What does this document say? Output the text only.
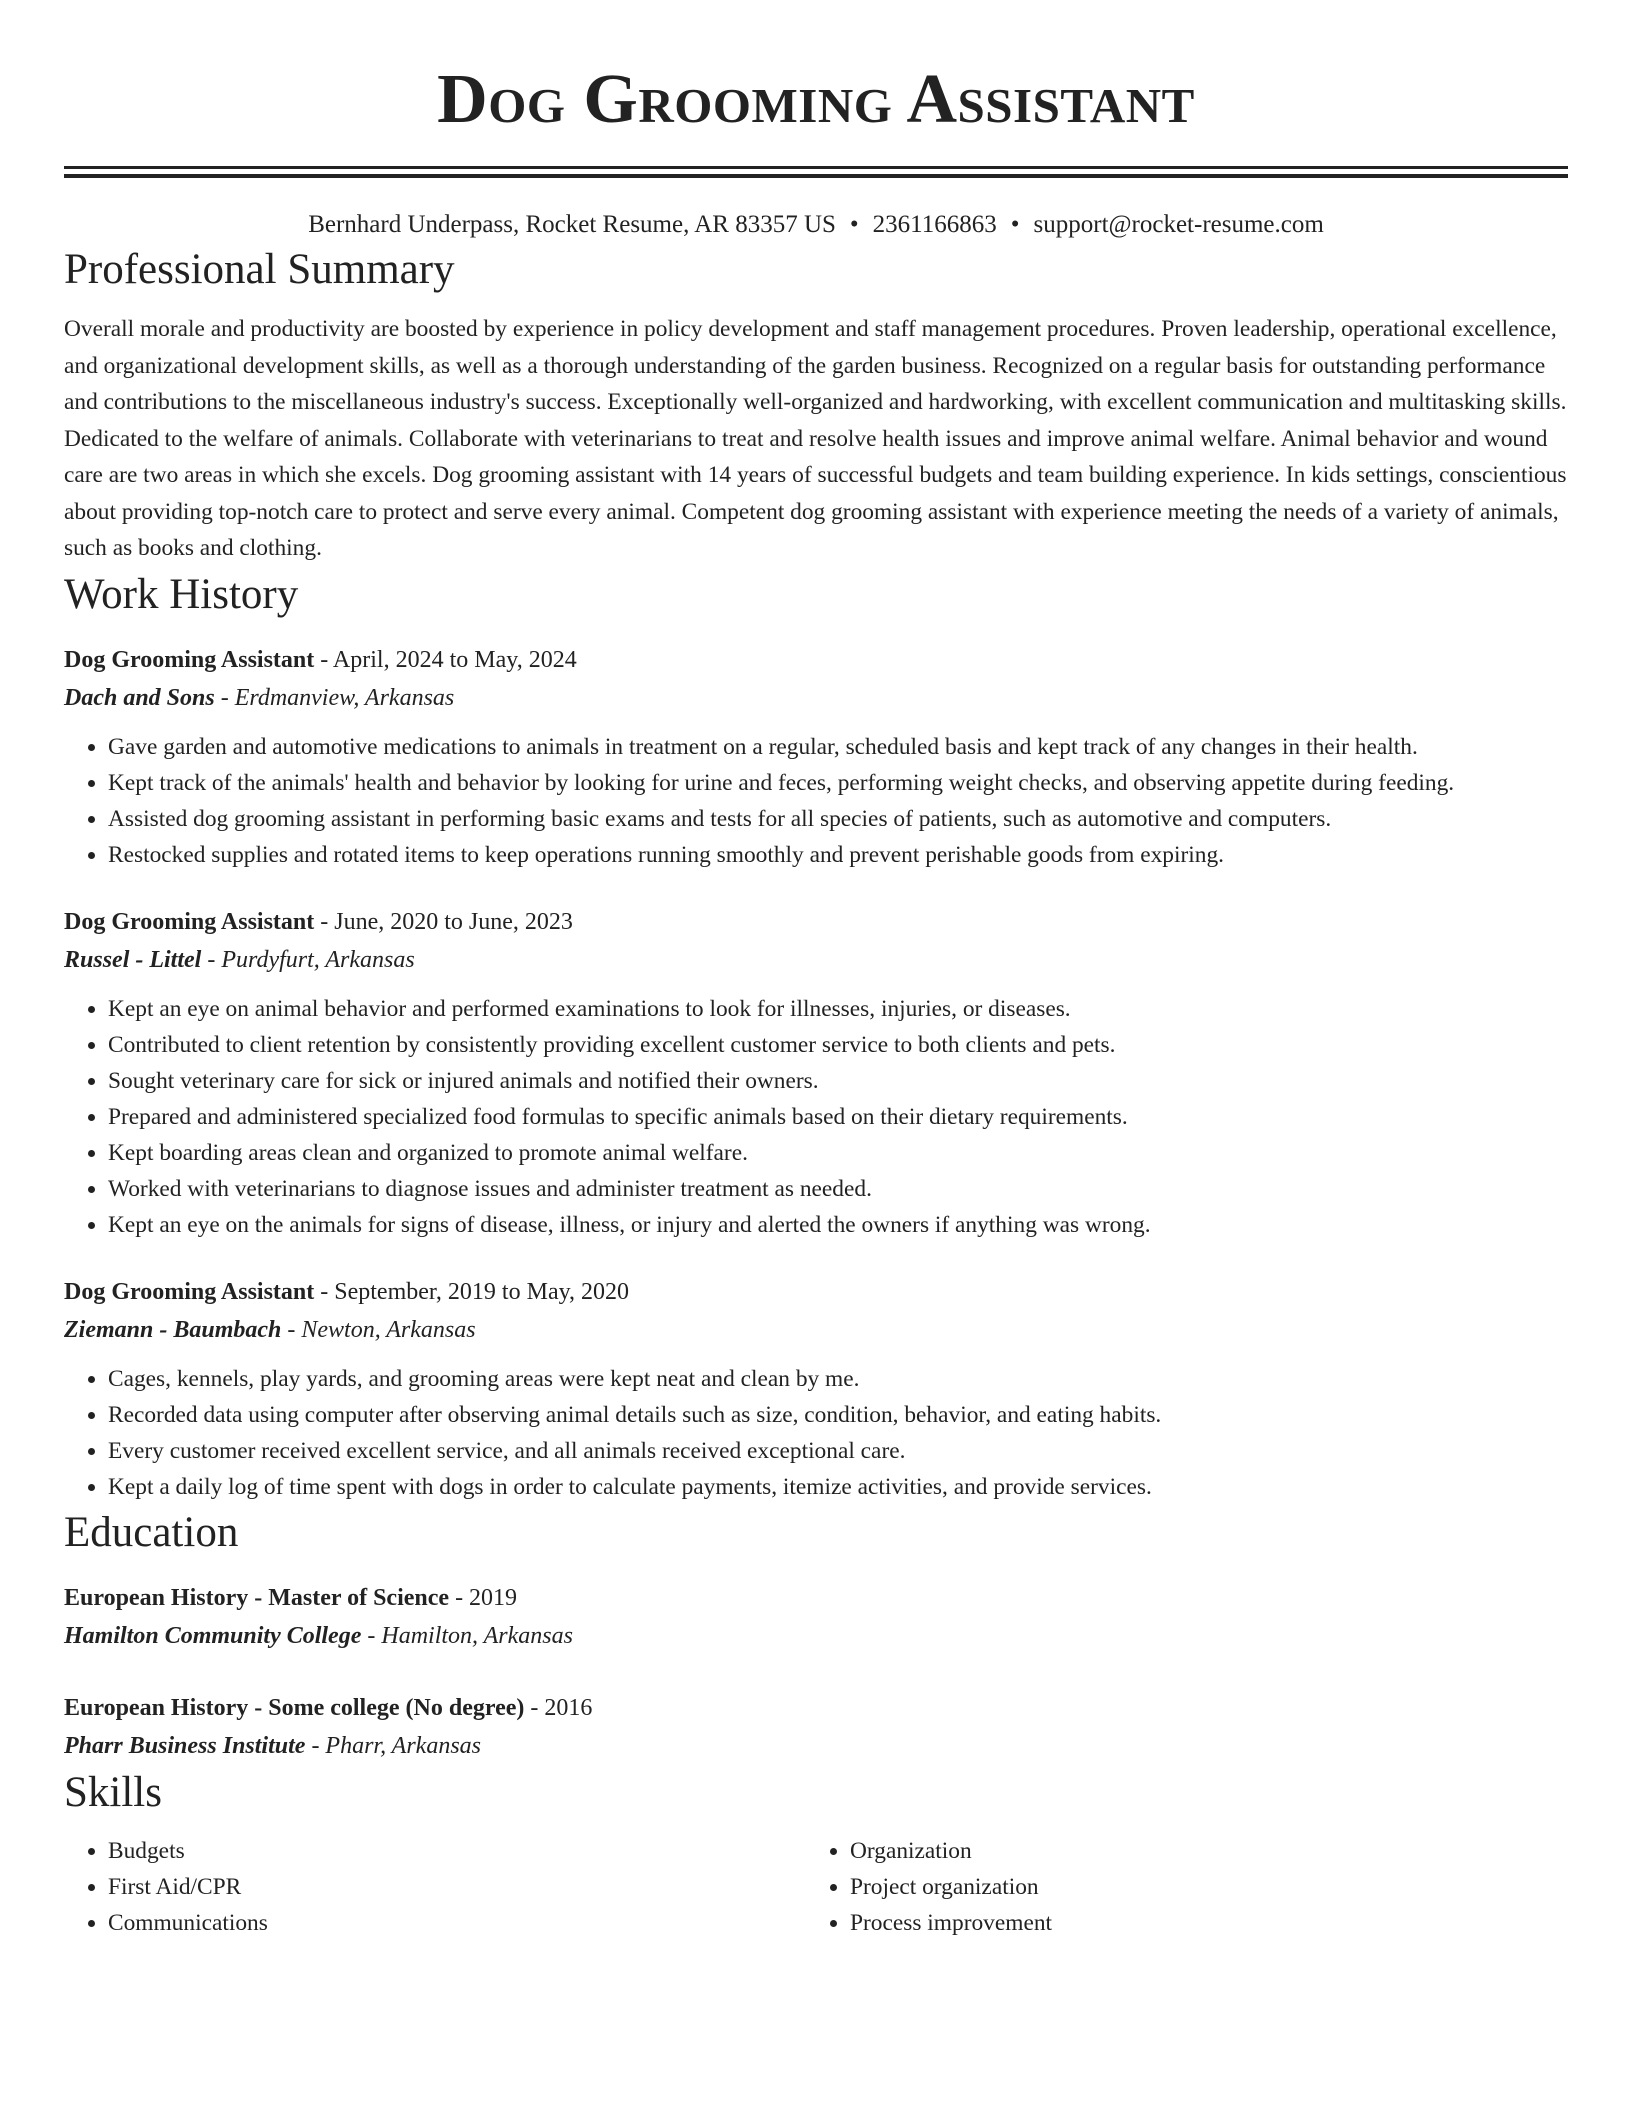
Dog Grooming Assistant
Bernhard Underpass, Rocket Resume, AR 83357 US • 2361166863 • support@rocket-resume.com
Professional Summary
Overall morale and productivity are boosted by experience in policy development and staff management procedures. Proven leadership, operational excellence, and organizational development skills, as well as a thorough understanding of the garden business. Recognized on a regular basis for outstanding performance and contributions to the miscellaneous industry's success. Exceptionally well-organized and hardworking, with excellent communication and multitasking skills. Dedicated to the welfare of animals. Collaborate with veterinarians to treat and resolve health issues and improve animal welfare. Animal behavior and wound care are two areas in which she excels. Dog grooming assistant with 14 years of successful budgets and team building experience. In kids settings, conscientious about providing top-notch care to protect and serve every animal. Competent dog grooming assistant with experience meeting the needs of a variety of animals, such as books and clothing.
Work History
Dog Grooming Assistant - April, 2024 to May, 2024
Dach and Sons - Erdmanview, Arkansas
• Gave garden and automotive medications to animals in treatment on a regular, scheduled basis and kept track of any changes in their health.
• Kept track of the animals' health and behavior by looking for urine and feces, performing weight checks, and observing appetite during feeding.
• Assisted dog grooming assistant in performing basic exams and tests for all species of patients, such as automotive and computers.
• Restocked supplies and rotated items to keep operations running smoothly and prevent perishable goods from expiring.
Dog Grooming Assistant - June, 2020 to June, 2023
Russel - Littel - Purdyfurt, Arkansas
• Kept an eye on animal behavior and performed examinations to look for illnesses, injuries, or diseases.
• Contributed to client retention by consistently providing excellent customer service to both clients and pets.
• Sought veterinary care for sick or injured animals and notified their owners.
• Prepared and administered specialized food formulas to specific animals based on their dietary requirements.
• Kept boarding areas clean and organized to promote animal welfare.
• Worked with veterinarians to diagnose issues and administer treatment as needed.
• Kept an eye on the animals for signs of disease, illness, or injury and alerted the owners if anything was wrong.
Dog Grooming Assistant - September, 2019 to May, 2020
Ziemann - Baumbach - Newton, Arkansas
• Cages, kennels, play yards, and grooming areas were kept neat and clean by me.
• Recorded data using computer after observing animal details such as size, condition, behavior, and eating habits.
• Every customer received excellent service, and all animals received exceptional care.
• Kept a daily log of time spent with dogs in order to calculate payments, itemize activities, and provide services.
Education
European History - Master of Science - 2019
Hamilton Community College - Hamilton, Arkansas
European History - Some college (No degree) - 2016
Pharr Business Institute - Pharr, Arkansas
Skills
• Budgets
• First Aid/CPR
• Communications
• Organization
• Project organization
• Process improvement
